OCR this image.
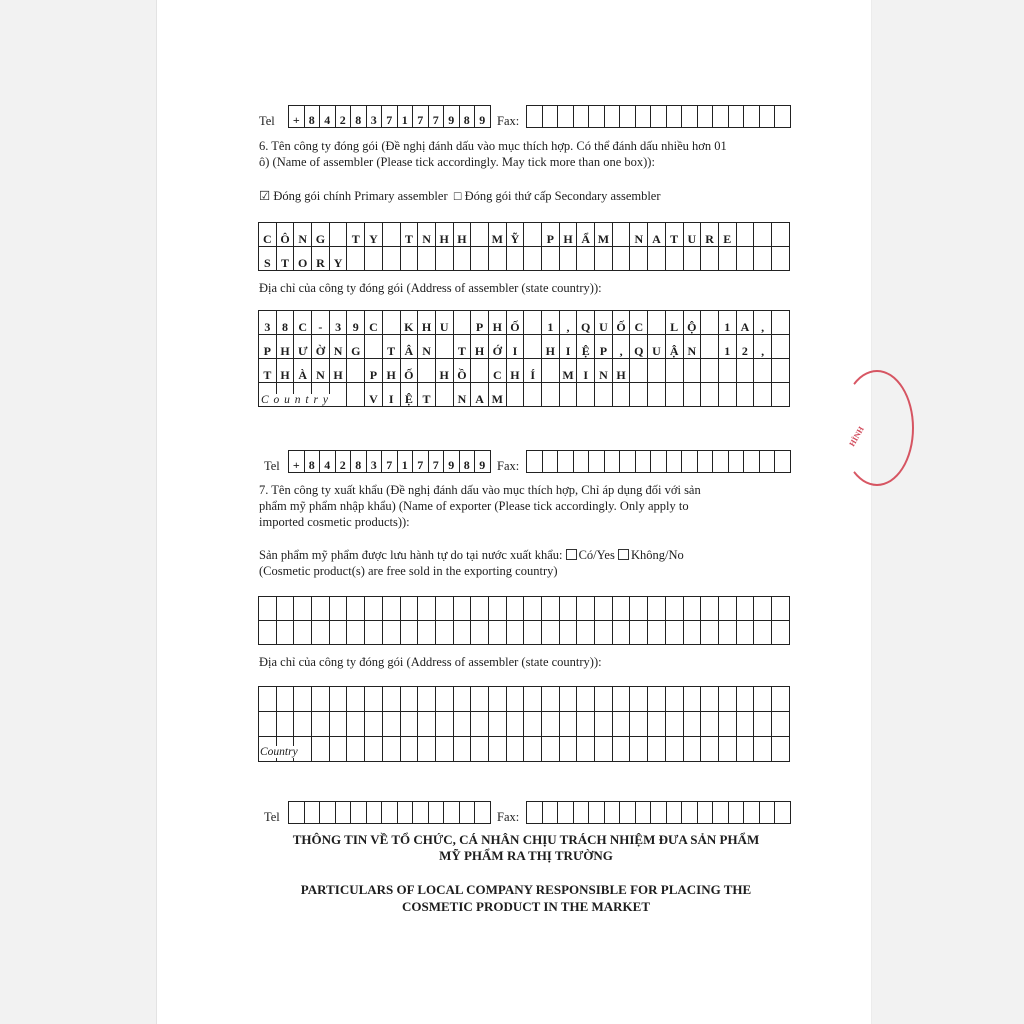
Tel	+ 8 4 2 8 3 7 1 7 7 9 8 9 Fax:
6. Tên công ty đóng gói (Đề nghị đánh dấu vào mục thích hợp. Có thể đánh dấu nhiều hơn 01
ô) (Name of assembler (Please tick accordingly. May tick more than one box)):
☑ Đóng gói chính Primary assembler □ Đóng gói thứ cấp Secondary assembler
C Ô N G	T Y	T N H H	M Ỹ	P H Ẩ M	N A T U R E
S T O R Y
Địa chỉ của công ty đóng gói (Address of assembler (state country)):
3 8 C -	3 9 C	K H U	P H Ố	1	, Q U Ố C	L Ộ	1 A ,
P H Ư Ờ N G	T Â N	T H Ớ I	H I Ệ P	, Q U Ậ N	1 2	,
T H À N H	P H Ố	H Ồ	C H Í	M I N H
V I Ệ T	N A M
C o u n t r y
Tel	+ 8 4 2 8 3 7 1 7 7 9 8 9 Fax:
7. Tên công ty xuất khẩu (Đề nghị đánh dấu vào mục thích hợp, Chỉ áp dụng đối với sản
phẩm mỹ phẩm nhập khẩu) (Name of exporter (Please tick accordingly. Only apply to
imported cosmetic products)):
Sản phẩm mỹ phẩm được lưu hành tự do tại nước xuất khẩu: Có/Yes Không/No
(Cosmetic product(s) are free sold in the exporting country)
Địa chỉ của công ty đóng gói (Address of assembler (state country)):
Country
Tel	Fax:
THÔNG TIN VỀ TỔ CHỨC, CÁ NHÂN CHỊU TRÁCH NHIỆM ĐƯA SẢN PHẨM
MỸ PHẨM RA THỊ TRƯỜNG
PARTICULARS OF LOCAL COMPANY RESPONSIBLE FOR PLACING THE
COSMETIC PRODUCT IN THE MARKET
HÌNH
